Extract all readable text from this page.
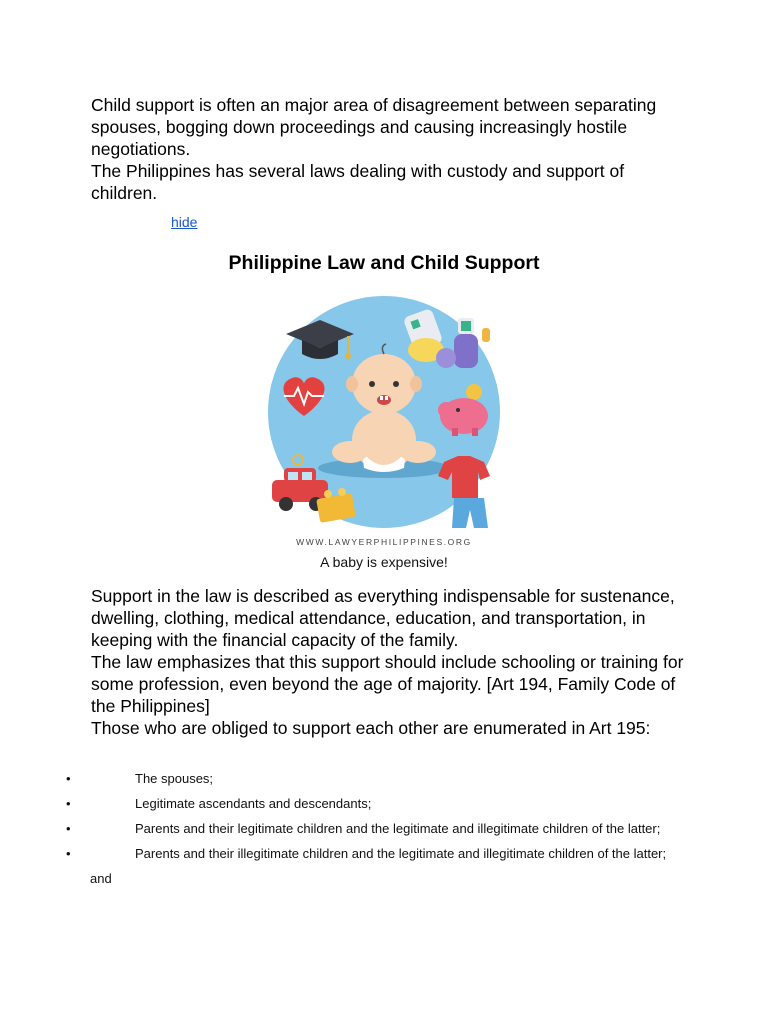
Child support is often an major area of disagreement between separating spouses, bogging down proceedings and causing increasingly hostile negotiations.

The Philippines has several laws dealing with custody and support of children.

hide
Philippine Law and Child Support
WWW.LAWYERPHILIPPINES.ORG
A baby is expensive!

Support in the law is described as everything indispensable for sustenance, dwelling, clothing, medical attendance, education, and transportation, in keeping with the financial capacity of the family.

The law emphasizes that this support should include schooling or training for some profession, even beyond the age of majority. [Art 194, Family Code of the Philippines]

Those who are obliged to support each other are enumerated in Art 195:

•	The spouses;
•	Legitimate ascendants and descendants;
•	Parents and their legitimate children and the legitimate and illegitimate children of the latter;
•	Parents and their illegitimate children and the legitimate and illegitimate children of the latter; and
